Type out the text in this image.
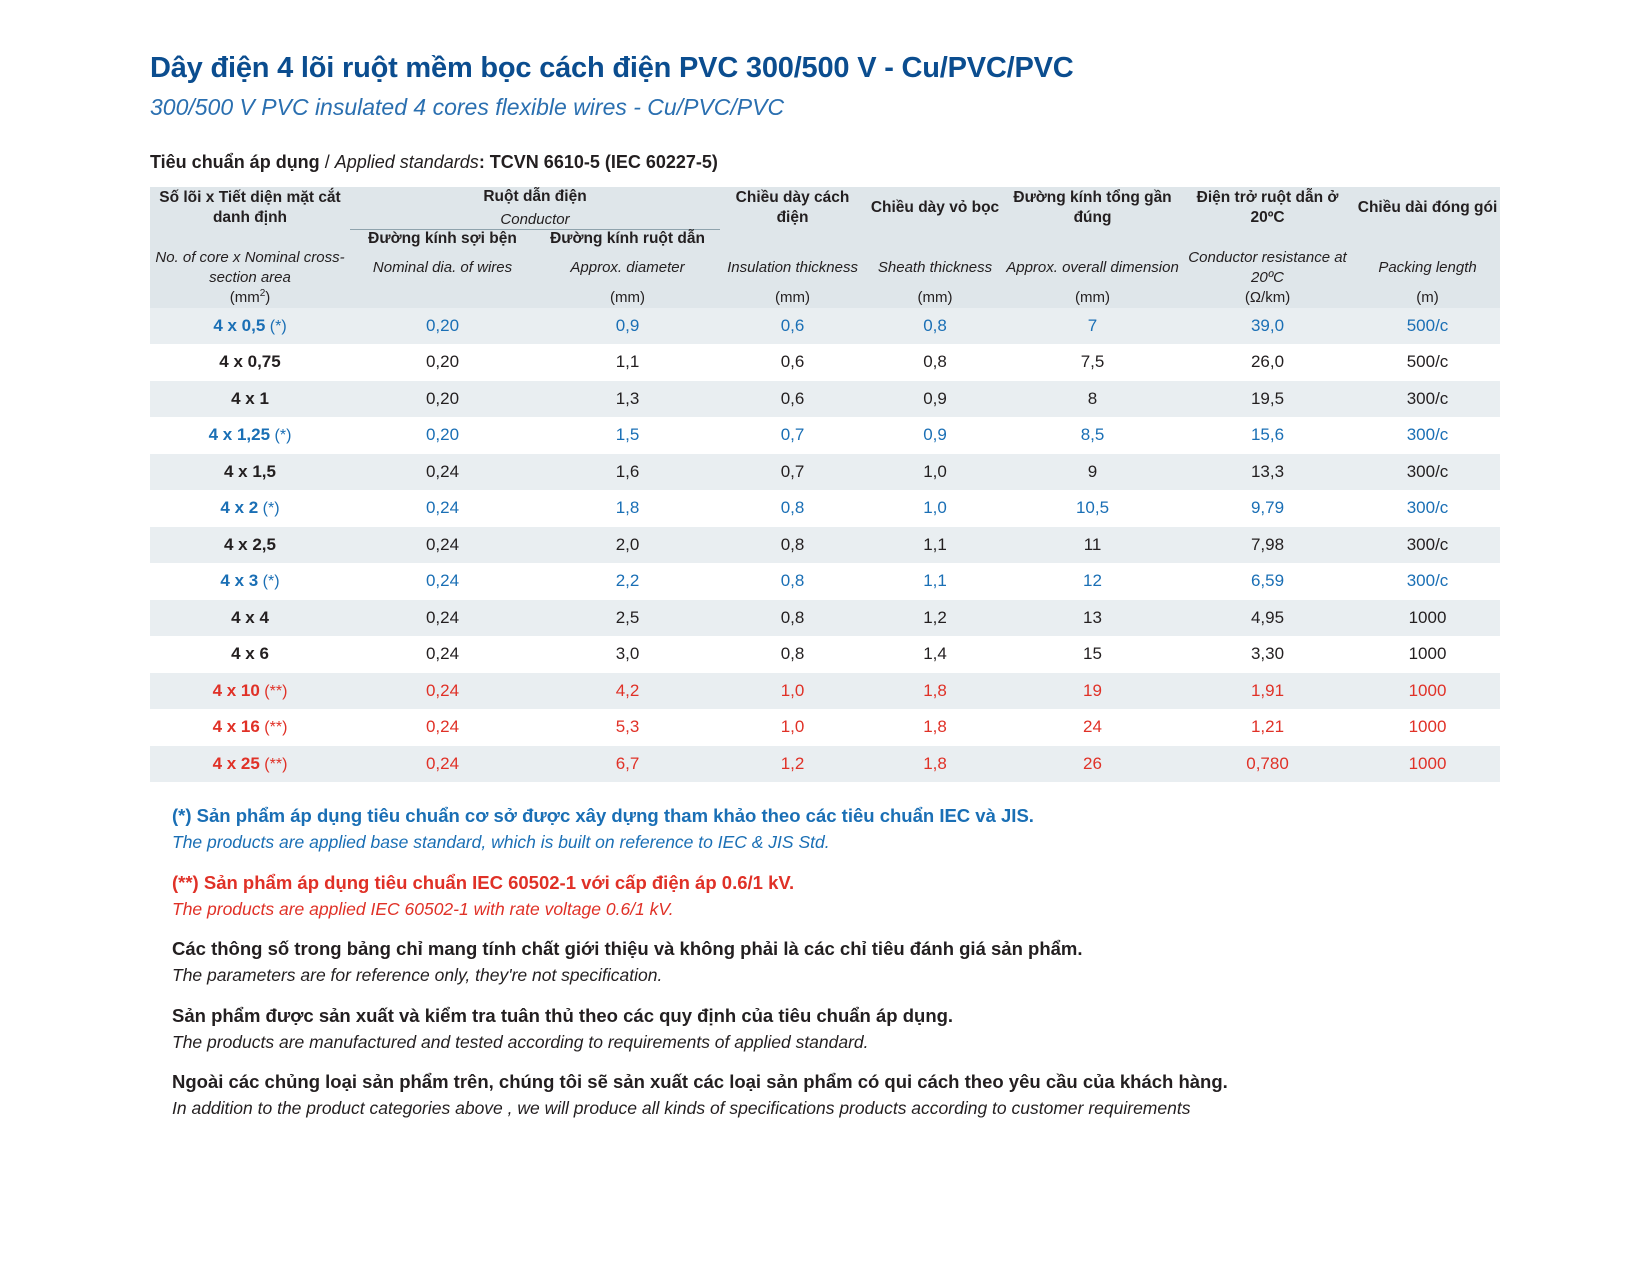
Dây điện 4 lõi ruột mềm bọc cách điện PVC 300/500 V - Cu/PVC/PVC
300/500 V PVC insulated 4 cores flexible wires - Cu/PVC/PVC
Tiêu chuẩn áp dụng / Applied standards: TCVN 6610-5 (IEC 60227-5)
Số lõi x Tiết diện mặt cắt danh định	Ruột dẫn điện
Conductor		Chiều dày cách điện	Chiều dày vỏ bọc	Đường kính tổng gần đúng	Điện trở ruột dẫn ở 20ºC	Chiều dài đóng gói
	Đường kính sợi bện	Đường kính ruột dẫn					
No. of core x Nominal cross-section area	Nominal dia. of wires	Approx. diameter	Insulation thickness	Sheath thickness	Approx. overall dimension	Conductor resistance at 20ºC	Packing length
$(mm^2)$		(mm)	(mm)	(mm)	(mm)	(Ω/km)	(m)
4 x 0,5 (*)	0,20	0,9	0,6	0,8	7	39,0	500/c
4 x 0,75	0,20	1,1	0,6	0,8	7,5	26,0	500/c
4 x 1	0,20	1,3	0,6	0,9	8	19,5	300/c
4 x 1,25 (*)	0,20	1,5	0,7	0,9	8,5	15,6	300/c
4 x 1,5	0,24	1,6	0,7	1,0	9	13,3	300/c
4 x 2 (*)	0,24	1,8	0,8	1,0	10,5	9,79	300/c
4 x 2,5	0,24	2,0	0,8	1,1	11	7,98	300/c
4 x 3 (*)	0,24	2,2	0,8	1,1	12	6,59	300/c
4 x 4	0,24	2,5	0,8	1,2	13	4,95	1000
4 x 6	0,24	3,0	0,8	1,4	15	3,30	1000
4 x 10 (**)	0,24	4,2	1,0	1,8	19	1,91	1000
4 x 16 (**)	0,24	5,3	1,0	1,8	24	1,21	1000
4 x 25 (**)	0,24	6,7	1,2	1,8	26	0,780	1000
(*) Sản phẩm áp dụng tiêu chuẩn cơ sở được xây dựng tham khảo theo các tiêu chuẩn IEC và JIS.
The products are applied base standard, which is built on reference to IEC & JIS Std.
(**) Sản phẩm áp dụng tiêu chuẩn IEC 60502-1 với cấp điện áp 0.6/1 kV.
The products are applied IEC 60502-1 with rate voltage 0.6/1 kV.
Các thông số trong bảng chỉ mang tính chất giới thiệu và không phải là các chỉ tiêu đánh giá sản phẩm.
The parameters are for reference only, they're not specification.
Sản phẩm được sản xuất và kiểm tra tuân thủ theo các quy định của tiêu chuẩn áp dụng.
The products are manufactured and tested according to requirements of applied standard.
Ngoài các chủng loại sản phẩm trên, chúng tôi sẽ sản xuất các loại sản phẩm có qui cách theo yêu cầu của khách hàng.
In addition to the product categories above , we will produce all kinds of specifications products according to customer requirements
